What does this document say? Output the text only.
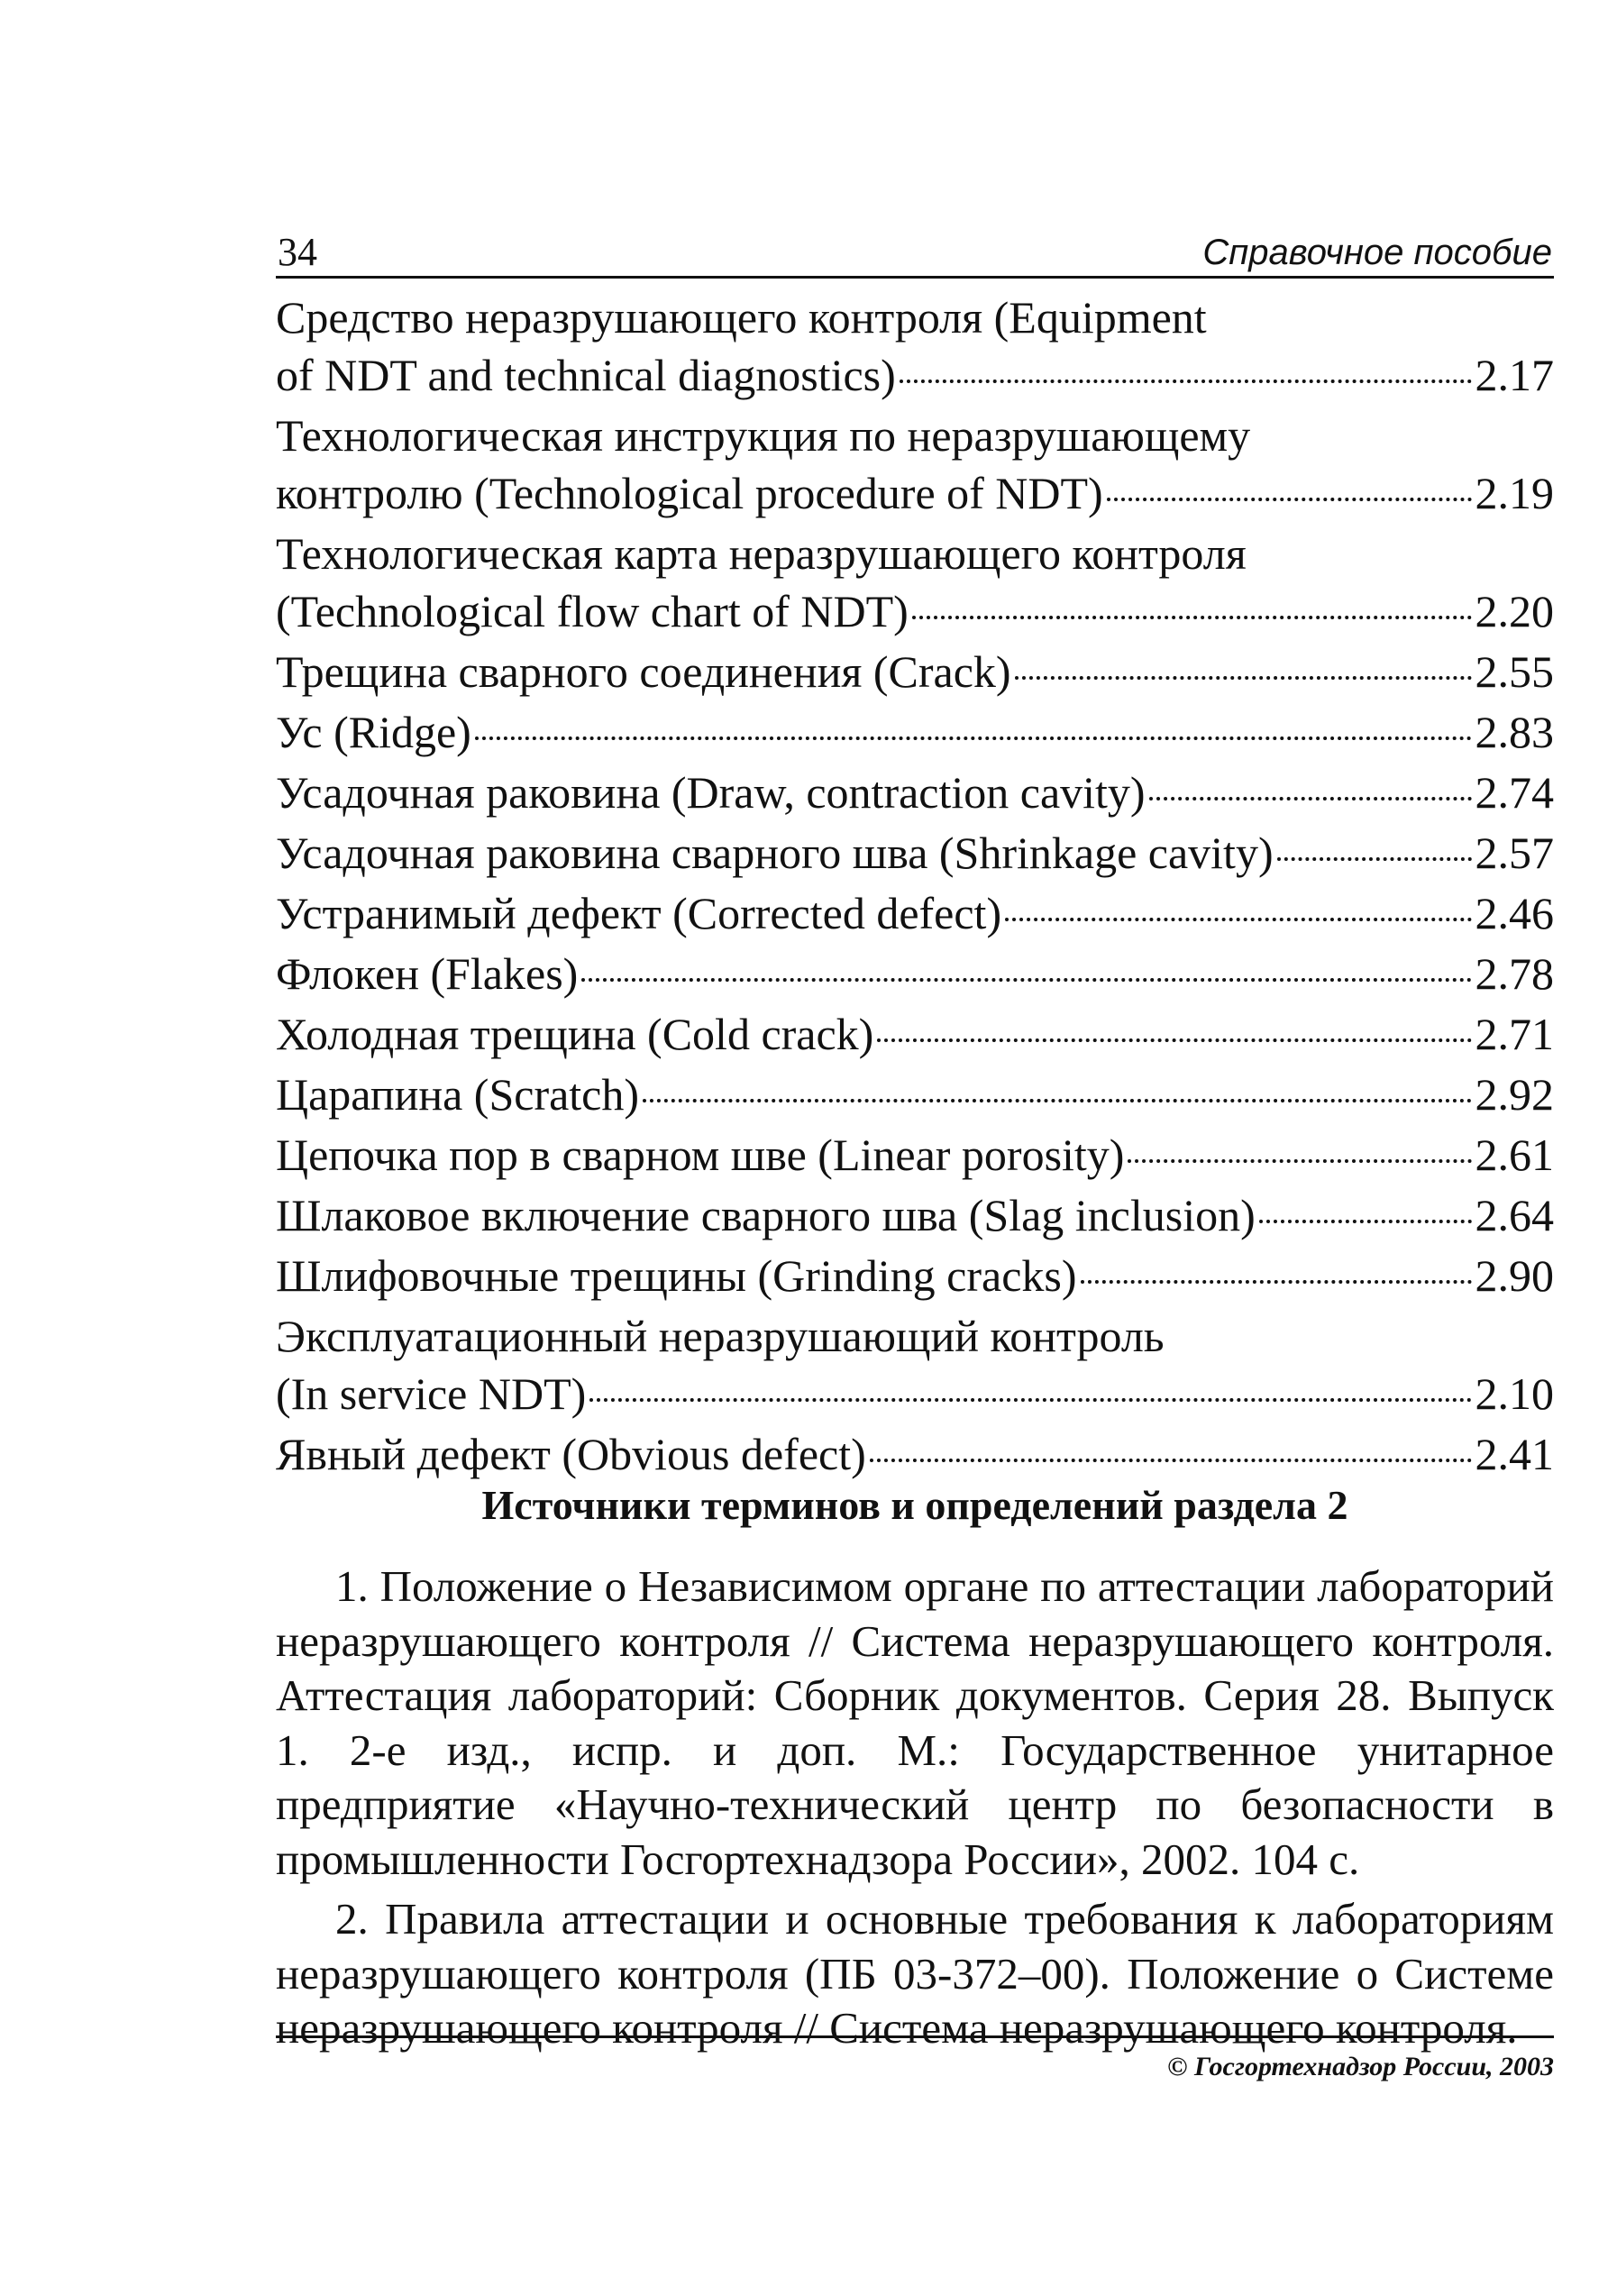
34	Справочное пособие
Средство неразрушающего контроля (Equipment
of NDT and technical diagnostics)	2.17
Технологическая инструкция по неразрушающему
контролю (Technological procedure of NDT)	2.19
Технологическая карта неразрушающего контроля
(Technological flow chart of NDT)	2.20
Трещина сварного соединения (Crack)	2.55
Ус (Ridge)	2.83
Усадочная раковина (Draw, contraction cavity)	2.74
Усадочная раковина сварного шва (Shrinkage cavity)	2.57
Устранимый дефект (Corrected defect)	2.46
Флокен (Flakes)	2.78
Холодная трещина (Cold crack)	2.71
Царапина (Scratch)	2.92
Цепочка пор в сварном шве (Linear porosity)	2.61
Шлаковое включение сварного шва (Slag inclusion)	2.64
Шлифовочные трещины (Grinding cracks)	2.90
Эксплуатационный неразрушающий контроль
(In service NDT)	2.10
Явный дефект (Obvious defect)	2.41
Источники терминов и определений раздела 2

1. Положение о Независимом органе по аттестации лабораторий неразрушающего контроля // Система неразрушающего контроля. Аттестация лабораторий: Сборник документов. Серия 28. Выпуск 1. 2-е изд., испр. и доп. М.: Государственное унитарное предприятие «Научно-технический центр по безопасности в промышленности Госгортехнадзора России», 2002. 104 с.

2. Правила аттестации и основные требования к лабораториям неразрушающего контроля (ПБ 03-372–00). Положение о Системе неразрушающего контроля // Система неразрушающего контроля.

© Госгортехнадзор России, 2003
